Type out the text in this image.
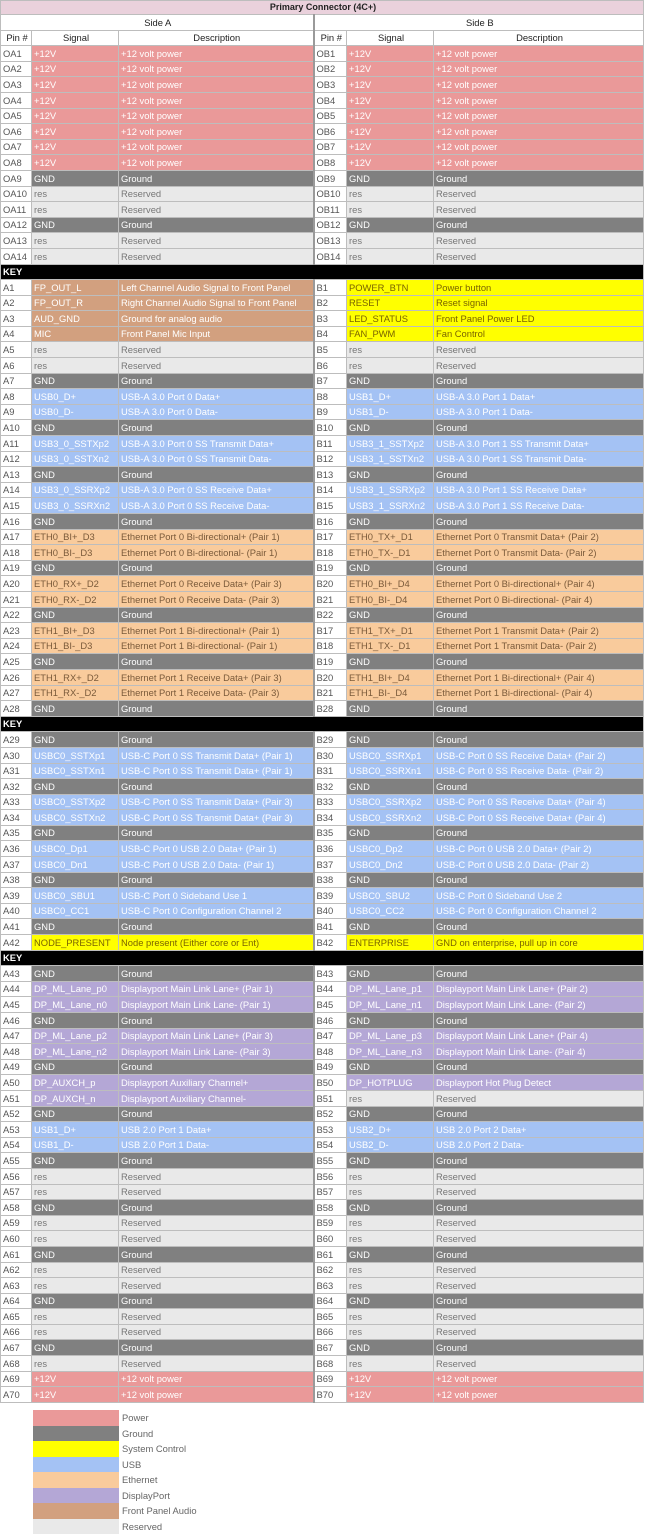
Primary Connector (4C+)					
Side A			Side B		
Pin #	Signal	Description	Pin #	Signal	Description
OA1	+12V	+12 volt power	OB1	+12V	+12 volt power
OA2	+12V	+12 volt power	OB2	+12V	+12 volt power
OA3	+12V	+12 volt power	OB3	+12V	+12 volt power
OA4	+12V	+12 volt power	OB4	+12V	+12 volt power
OA5	+12V	+12 volt power	OB5	+12V	+12 volt power
OA6	+12V	+12 volt power	OB6	+12V	+12 volt power
OA7	+12V	+12 volt power	OB7	+12V	+12 volt power
OA8	+12V	+12 volt power	OB8	+12V	+12 volt power
OA9	GND	Ground	OB9	GND	Ground
OA10	res	Reserved	OB10	res	Reserved
OA11	res	Reserved	OB11	res	Reserved
OA12	GND	Ground	OB12	GND	Ground
OA13	res	Reserved	OB13	res	Reserved
OA14	res	Reserved	OB14	res	Reserved
KEY					
A1	FP_OUT_L	Left Channel Audio Signal to Front Panel	B1	POWER_BTN	Power button
A2	FP_OUT_R	Right Channel Audio Signal to Front Panel	B2	RESET	Reset signal
A3	AUD_GND	Ground for analog audio	B3	LED_STATUS	Front Panel Power LED
A4	MIC	Front Panel Mic Input	B4	FAN_PWM	Fan Control
A5	res	Reserved	B5	res	Reserved
A6	res	Reserved	B6	res	Reserved
A7	GND	Ground	B7	GND	Ground
A8	USB0_D+	USB-A 3.0 Port 0 Data+	B8	USB1_D+	USB-A 3.0 Port 1 Data+
A9	USB0_D-	USB-A 3.0 Port 0 Data-	B9	USB1_D-	USB-A 3.0 Port 1 Data-
A10	GND	Ground	B10	GND	Ground
A11	USB3_0_SSTXp2	USB-A 3.0 Port 0 SS Transmit Data+	B11	USB3_1_SSTXp2	USB-A 3.0 Port 1 SS Transmit Data+
A12	USB3_0_SSTXn2	USB-A 3.0 Port 0 SS Transmit Data-	B12	USB3_1_SSTXn2	USB-A 3.0 Port 1 SS Transmit Data-
A13	GND	Ground	B13	GND	Ground
A14	USB3_0_SSRXp2	USB-A 3.0 Port 0 SS Receive Data+	B14	USB3_1_SSRXp2	USB-A 3.0 Port 1 SS Receive Data+
A15	USB3_0_SSRXn2	USB-A 3.0 Port 0 SS Receive Data-	B15	USB3_1_SSRXn2	USB-A 3.0 Port 1 SS Receive Data-
A16	GND	Ground	B16	GND	Ground
A17	ETH0_BI+_D3	Ethernet Port 0 Bi-directional+ (Pair 1)	B17	ETH0_TX+_D1	Ethernet Port 0 Transmit Data+ (Pair 2)
A18	ETH0_BI-_D3	Ethernet Port 0 Bi-directional- (Pair 1)	B18	ETH0_TX-_D1	Ethernet Port 0 Transmit Data- (Pair 2)
A19	GND	Ground	B19	GND	Ground
A20	ETH0_RX+_D2	Ethernet Port 0 Receive Data+ (Pair 3)	B20	ETH0_BI+_D4	Ethernet Port 0 Bi-directional+ (Pair 4)
A21	ETH0_RX-_D2	Ethernet Port 0 Receive Data- (Pair 3)	B21	ETH0_BI-_D4	Ethernet Port 0 Bi-directional- (Pair 4)
A22	GND	Ground	B22	GND	Ground
A23	ETH1_BI+_D3	Ethernet Port 1 Bi-directional+ (Pair 1)	B17	ETH1_TX+_D1	Ethernet Port 1 Transmit Data+ (Pair 2)
A24	ETH1_BI-_D3	Ethernet Port 1 Bi-directional- (Pair 1)	B18	ETH1_TX-_D1	Ethernet Port 1 Transmit Data- (Pair 2)
A25	GND	Ground	B19	GND	Ground
A26	ETH1_RX+_D2	Ethernet Port 1 Receive Data+ (Pair 3)	B20	ETH1_BI+_D4	Ethernet Port 1 Bi-directional+ (Pair 4)
A27	ETH1_RX-_D2	Ethernet Port 1 Receive Data- (Pair 3)	B21	ETH1_BI-_D4	Ethernet Port 1 Bi-directional- (Pair 4)
A28	GND	Ground	B28	GND	Ground
KEY					
A29	GND	Ground	B29	GND	Ground
A30	USBC0_SSTXp1	USB-C Port 0 SS Transmit Data+ (Pair 1)	B30	USBC0_SSRXp1	USB-C Port 0 SS Receive Data+ (Pair 2)
A31	USBC0_SSTXn1	USB-C Port 0 SS Transmit Data+ (Pair 1)	B31	USBC0_SSRXn1	USB-C Port 0 SS Receive Data- (Pair 2)
A32	GND	Ground	B32	GND	Ground
A33	USBC0_SSTXp2	USB-C Port 0 SS Transmit Data+ (Pair 3)	B33	USBC0_SSRXp2	USB-C Port 0 SS Receive Data+ (Pair 4)
A34	USBC0_SSTXn2	USB-C Port 0 SS Transmit Data+ (Pair 3)	B34	USBC0_SSRXn2	USB-C Port 0 SS Receive Data+ (Pair 4)
A35	GND	Ground	B35	GND	Ground
A36	USBC0_Dp1	USB-C Port 0 USB 2.0 Data+ (Pair 1)	B36	USBC0_Dp2	USB-C Port 0 USB 2.0 Data+ (Pair 2)
A37	USBC0_Dn1	USB-C Port 0 USB 2.0 Data- (Pair 1)	B37	USBC0_Dn2	USB-C Port 0 USB 2.0 Data- (Pair 2)
A38	GND	Ground	B38	GND	Ground
A39	USBC0_SBU1	USB-C Port 0 Sideband Use 1	B39	USBC0_SBU2	USB-C Port 0 Sideband Use 2
A40	USBC0_CC1	USB-C Port 0 Configuration Channel 2	B40	USBC0_CC2	USB-C Port 0 Configuration Channel 2
A41	GND	Ground	B41	GND	Ground
A42	NODE_PRESENT	Node present (Either core or Ent)	B42	ENTERPRISE	GND on enterprise, pull up in core
KEY					
A43	GND	Ground	B43	GND	Ground
A44	DP_ML_Lane_p0	Displayport Main Link Lane+ (Pair 1)	B44	DP_ML_Lane_p1	Displayport Main Link Lane+ (Pair 2)
A45	DP_ML_Lane_n0	Displayport Main Link Lane- (Pair 1)	B45	DP_ML_Lane_n1	Displayport Main Link Lane- (Pair 2)
A46	GND	Ground	B46	GND	Ground
A47	DP_ML_Lane_p2	Displayport Main Link Lane+ (Pair 3)	B47	DP_ML_Lane_p3	Displayport Main Link Lane+ (Pair 4)
A48	DP_ML_Lane_n2	Displayport Main Link Lane- (Pair 3)	B48	DP_ML_Lane_n3	Displayport Main Link Lane- (Pair 4)
A49	GND	Ground	B49	GND	Ground
A50	DP_AUXCH_p	Displayport Auxiliary Channel+	B50	DP_HOTPLUG	Displayport Hot Plug Detect
A51	DP_AUXCH_n	Displayport Auxiliary Channel-	B51	res	Reserved
A52	GND	Ground	B52	GND	Ground
A53	USB1_D+	USB 2.0 Port 1 Data+	B53	USB2_D+	USB 2.0 Port 2 Data+
A54	USB1_D-	USB 2.0 Port 1 Data-	B54	USB2_D-	USB 2.0 Port 2 Data-
A55	GND	Ground	B55	GND	Ground
A56	res	Reserved	B56	res	Reserved
A57	res	Reserved	B57	res	Reserved
A58	GND	Ground	B58	GND	Ground
A59	res	Reserved	B59	res	Reserved
A60	res	Reserved	B60	res	Reserved
A61	GND	Ground	B61	GND	Ground
A62	res	Reserved	B62	res	Reserved
A63	res	Reserved	B63	res	Reserved
A64	GND	Ground	B64	GND	Ground
A65	res	Reserved	B65	res	Reserved
A66	res	Reserved	B66	res	Reserved
A67	GND	Ground	B67	GND	Ground
A68	res	Reserved	B68	res	Reserved
A69	+12V	+12 volt power	B69	+12V	+12 volt power
A70	+12V	+12 volt power	B70	+12V	+12 volt power
Power
Ground
System Control
USB
Ethernet
DisplayPort
Front Panel Audio
Reserved
